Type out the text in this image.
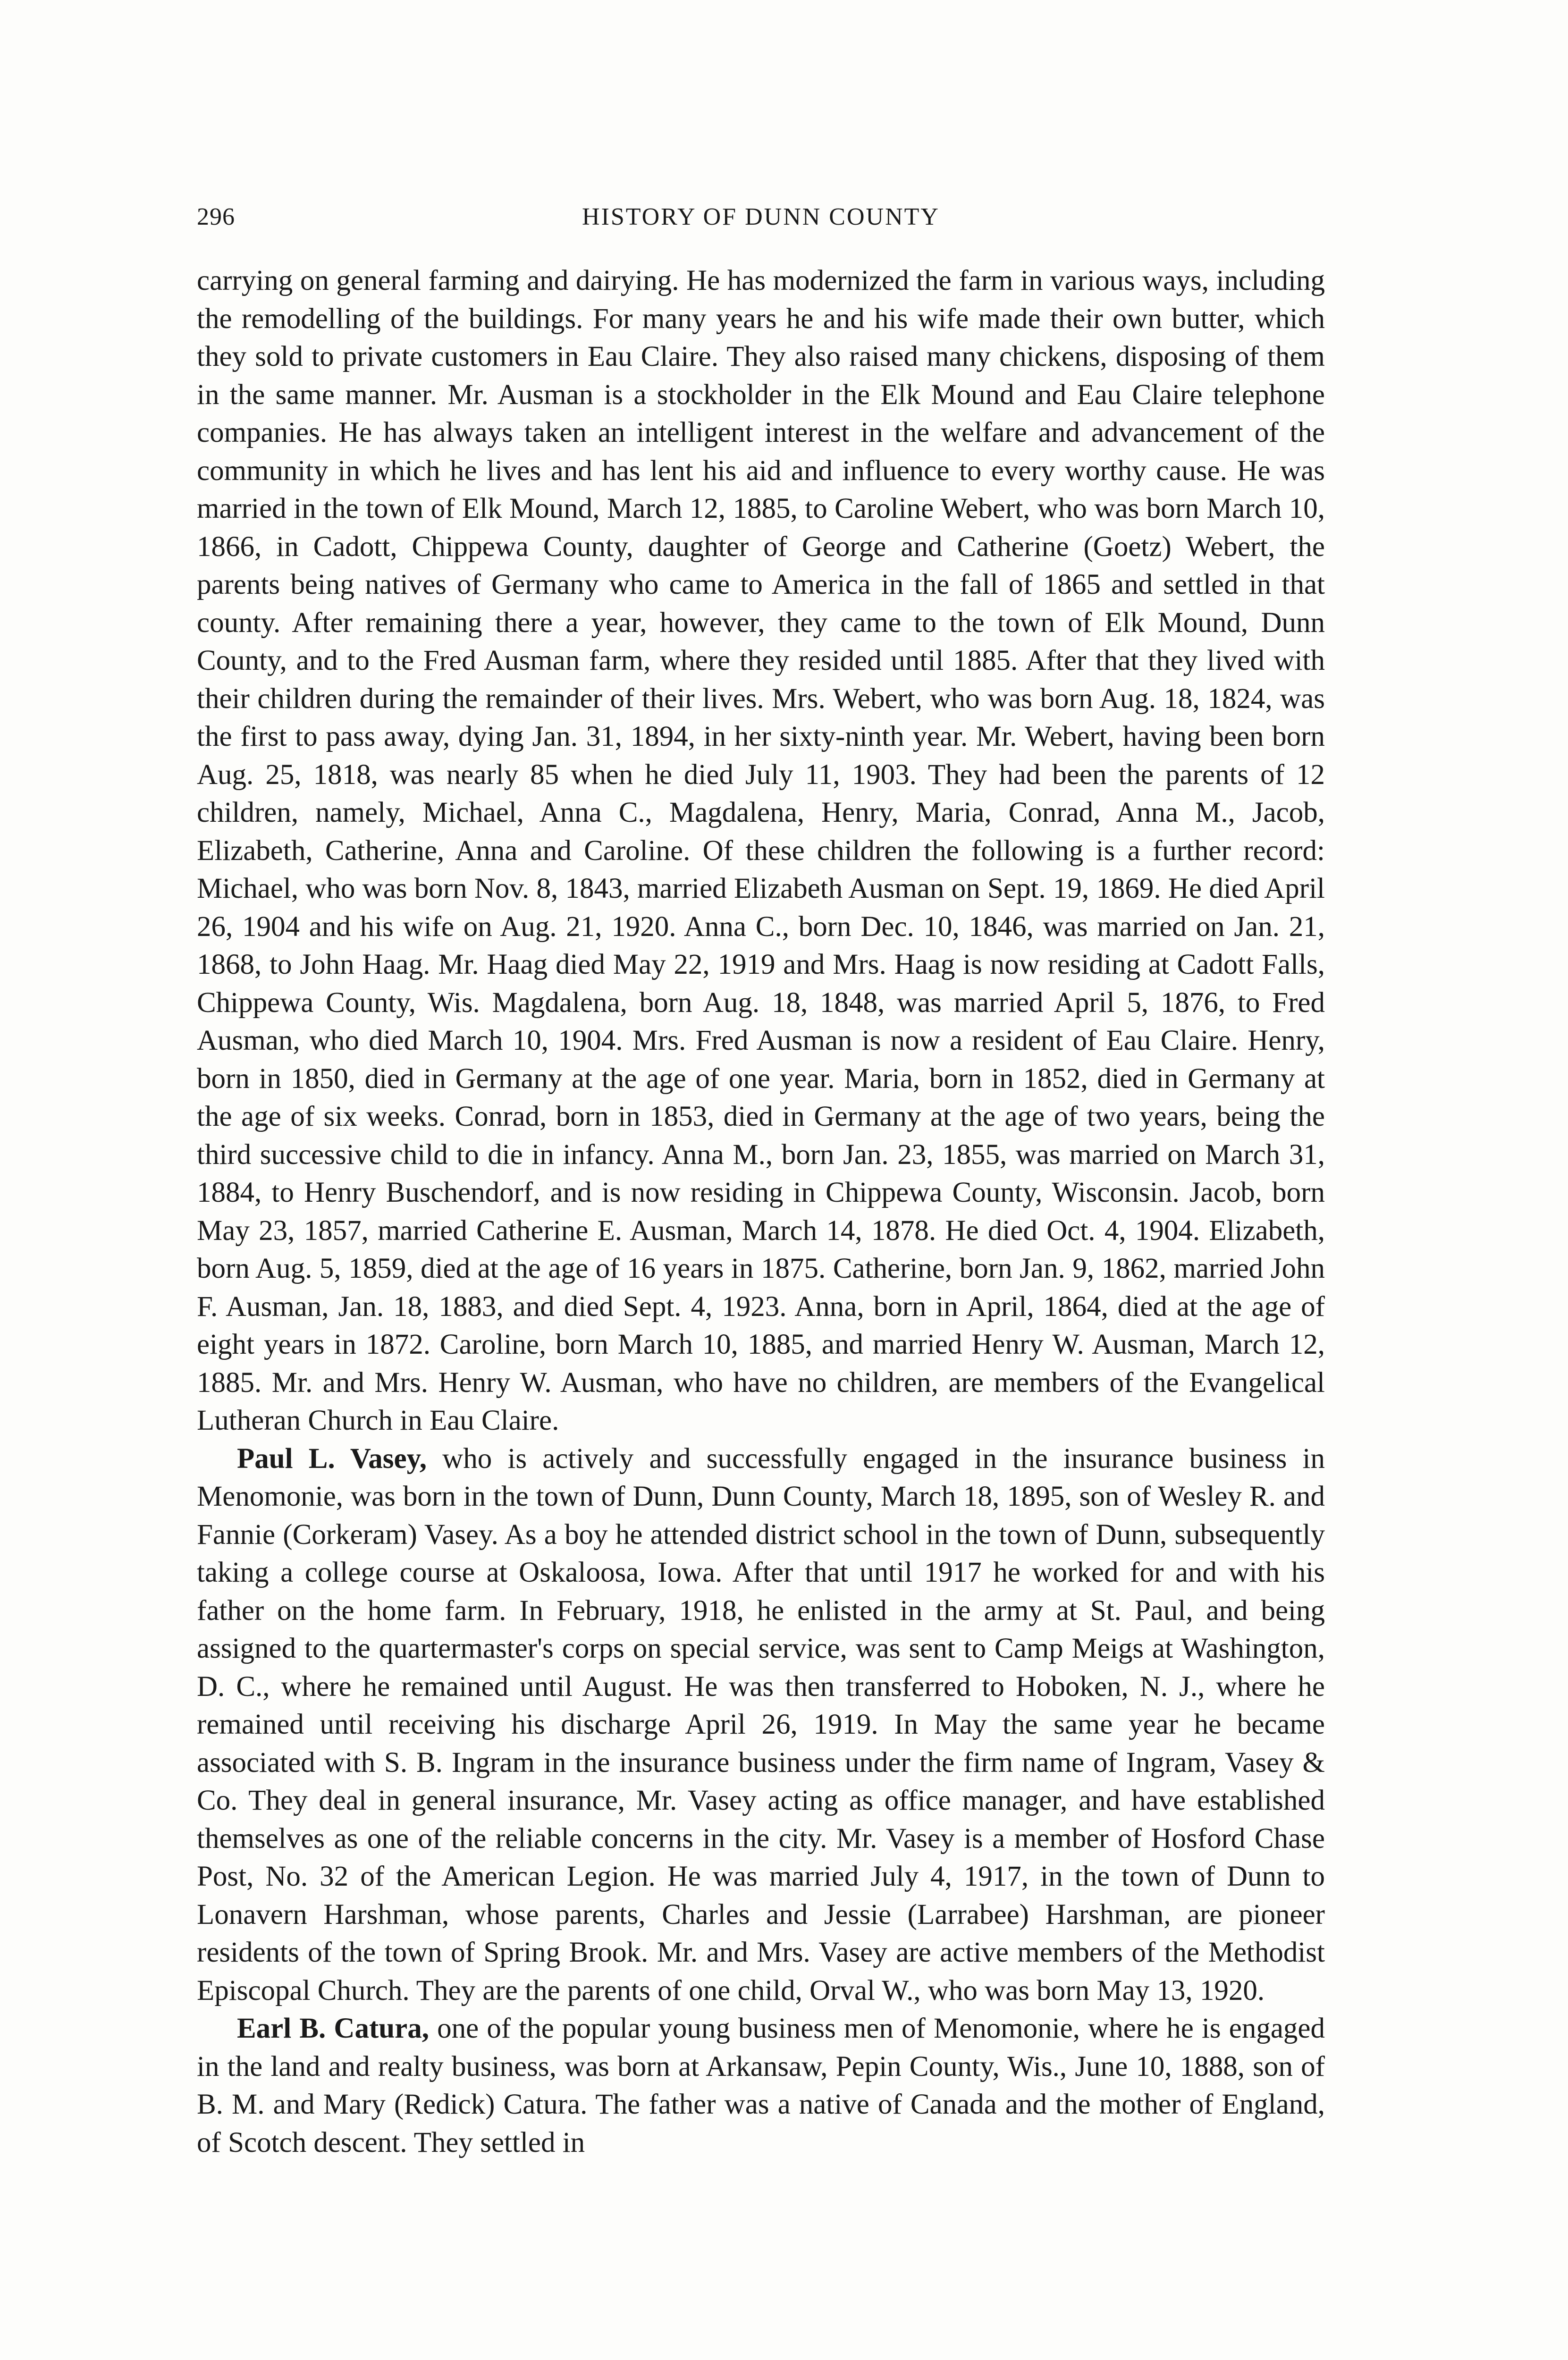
296	HISTORY OF DUNN COUNTY

carrying on general farming and dairying. He has modernized the farm in various ways, including the remodelling of the buildings. For many years he and his wife made their own butter, which they sold to private customers in Eau Claire. They also raised many chickens, disposing of them in the same manner. Mr. Ausman is a stockholder in the Elk Mound and Eau Claire telephone companies. He has always taken an intelligent interest in the welfare and advancement of the community in which he lives and has lent his aid and influence to every worthy cause. He was married in the town of Elk Mound, March 12, 1885, to Caroline Webert, who was born March 10, 1866, in Cadott, Chippewa County, daughter of George and Catherine (Goetz) Webert, the parents being natives of Germany who came to America in the fall of 1865 and settled in that county. After remaining there a year, however, they came to the town of Elk Mound, Dunn County, and to the Fred Ausman farm, where they resided until 1885. After that they lived with their children during the remainder of their lives. Mrs. Webert, who was born Aug. 18, 1824, was the first to pass away, dying Jan. 31, 1894, in her sixty-ninth year. Mr. Webert, having been born Aug. 25, 1818, was nearly 85 when he died July 11, 1903. They had been the parents of 12 children, namely, Michael, Anna C., Magdalena, Henry, Maria, Conrad, Anna M., Jacob, Elizabeth, Catherine, Anna and Caroline. Of these children the following is a further record: Michael, who was born Nov. 8, 1843, married Elizabeth Ausman on Sept. 19, 1869. He died April 26, 1904 and his wife on Aug. 21, 1920. Anna C., born Dec. 10, 1846, was married on Jan. 21, 1868, to John Haag. Mr. Haag died May 22, 1919 and Mrs. Haag is now residing at Cadott Falls, Chippewa County, Wis. Magdalena, born Aug. 18, 1848, was married April 5, 1876, to Fred Ausman, who died March 10, 1904. Mrs. Fred Ausman is now a resident of Eau Claire. Henry, born in 1850, died in Germany at the age of one year. Maria, born in 1852, died in Germany at the age of six weeks. Conrad, born in 1853, died in Germany at the age of two years, being the third successive child to die in infancy. Anna M., born Jan. 23, 1855, was married on March 31, 1884, to Henry Buschendorf, and is now residing in Chippewa County, Wisconsin. Jacob, born May 23, 1857, married Catherine E. Ausman, March 14, 1878. He died Oct. 4, 1904. Elizabeth, born Aug. 5, 1859, died at the age of 16 years in 1875. Catherine, born Jan. 9, 1862, married John F. Ausman, Jan. 18, 1883, and died Sept. 4, 1923. Anna, born in April, 1864, died at the age of eight years in 1872. Caroline, born March 10, 1885, and married Henry W. Ausman, March 12, 1885. Mr. and Mrs. Henry W. Ausman, who have no children, are members of the Evangelical Lutheran Church in Eau Claire.

Paul L. Vasey, who is actively and successfully engaged in the insurance business in Menomonie, was born in the town of Dunn, Dunn County, March 18, 1895, son of Wesley R. and Fannie (Corkeram) Vasey. As a boy he attended district school in the town of Dunn, subsequently taking a college course at Oskaloosa, Iowa. After that until 1917 he worked for and with his father on the home farm. In February, 1918, he enlisted in the army at St. Paul, and being assigned to the quartermaster's corps on special service, was sent to Camp Meigs at Washington, D. C., where he remained until August. He was then transferred to Hoboken, N. J., where he remained until receiving his discharge April 26, 1919. In May the same year he became associated with S. B. Ingram in the insurance business under the firm name of Ingram, Vasey & Co. They deal in general insurance, Mr. Vasey acting as office manager, and have established themselves as one of the reliable concerns in the city. Mr. Vasey is a member of Hosford Chase Post, No. 32 of the American Legion. He was married July 4, 1917, in the town of Dunn to Lonavern Harshman, whose parents, Charles and Jessie (Larrabee) Harshman, are pioneer residents of the town of Spring Brook. Mr. and Mrs. Vasey are active members of the Methodist Episcopal Church. They are the parents of one child, Orval W., who was born May 13, 1920.

Earl B. Catura, one of the popular young business men of Menomonie, where he is engaged in the land and realty business, was born at Arkansaw, Pepin County, Wis., June 10, 1888, son of B. M. and Mary (Redick) Catura. The father was a native of Canada and the mother of England, of Scotch descent. They settled in
